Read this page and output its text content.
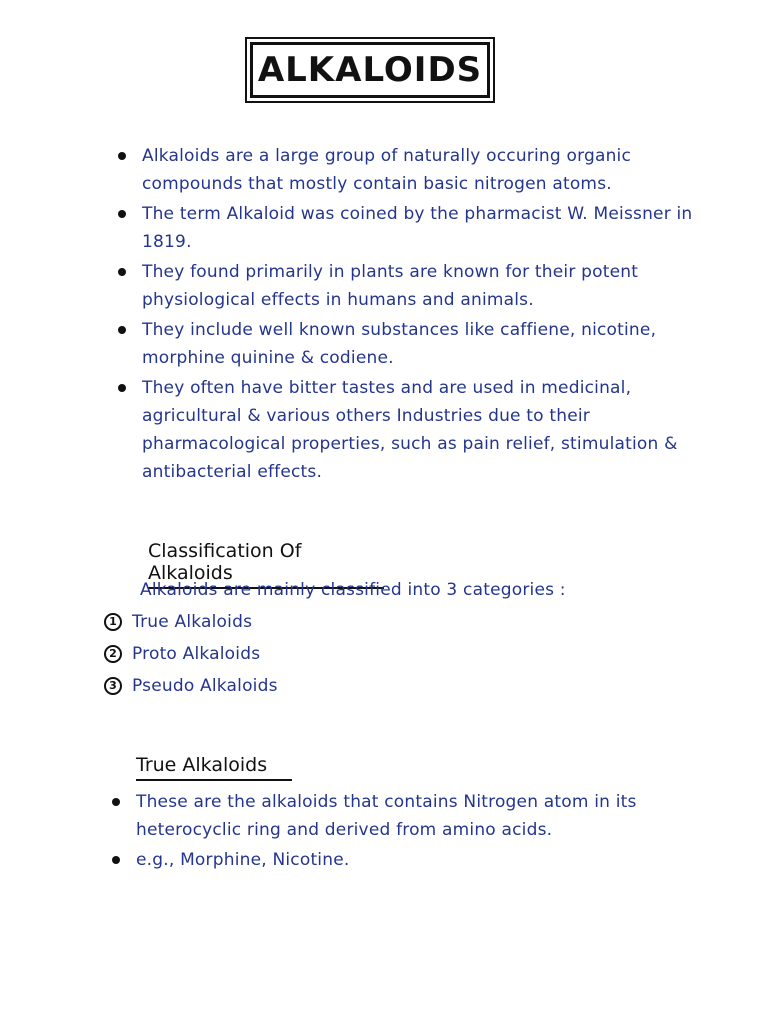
ALKALOIDS
Alkaloids are a large group of naturally occuring organic compounds that mostly contain basic nitrogen atoms.
The term Alkaloid was coined by the pharmacist W. Meissner in 1819.
They found primarily in plants are known for their potent physiological effects in humans and animals.
They include well known substances like caffiene, nicotine, morphine quinine & codiene.
They often have bitter tastes and are used in medicinal, agricultural & various others Industries due to their pharmacological properties, such as pain relief, stimulation & antibacterial effects.
Classification Of Alkaloids
Alkaloids are mainly classified into 3 categories :
1 True Alkaloids
2 Proto Alkaloids
3 Pseudo Alkaloids
True Alkaloids
These are the alkaloids that contains Nitrogen atom in its heterocyclic ring and derived from amino acids.
e.g., Morphine, Nicotine.
